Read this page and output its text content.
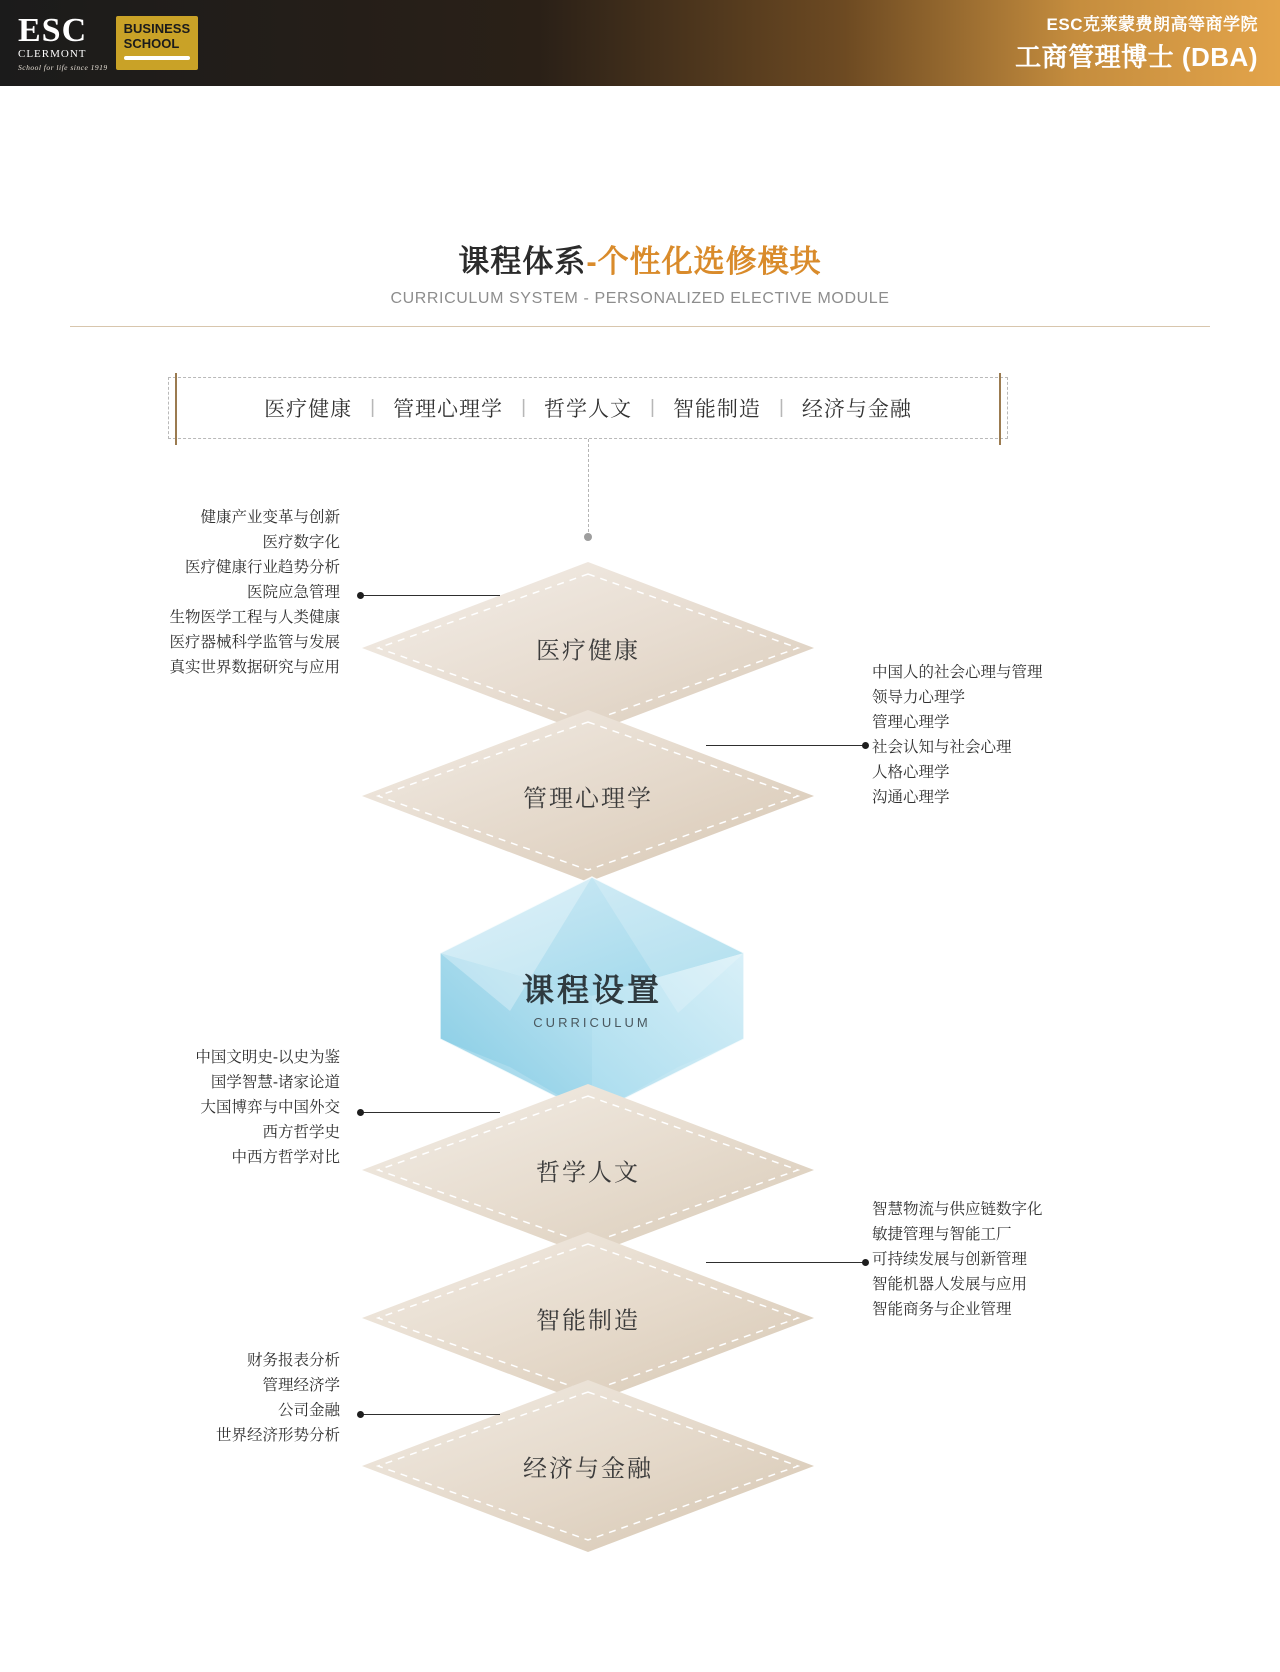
ESC
CLERMONT
School for life since 1919
BUSINESS
SCHOOL
ESC克莱蒙费朗高等商学院
工商管理博士 (DBA)
课程体系-个性化选修模块
CURRICULUM SYSTEM - PERSONALIZED ELECTIVE MODULE
医疗健康 | 管理心理学 | 哲学人文 | 智能制造 | 经济与金融
医疗健康
健康产业变革与创新
医疗数字化
医疗健康行业趋势分析
医院应急管理
生物医学工程与人类健康
医疗器械科学监管与发展
真实世界数据研究与应用
管理心理学
中国人的社会心理与管理
领导力心理学
管理心理学
社会认知与社会心理
人格心理学
沟通心理学
课程设置
CURRICULUM
哲学人文
中国文明史-以史为鉴
国学智慧-诸家论道
大国博弈与中国外交
西方哲学史
中西方哲学对比
智能制造
智慧物流与供应链数字化
敏捷管理与智能工厂
可持续发展与创新管理
智能机器人发展与应用
智能商务与企业管理
经济与金融
财务报表分析
管理经济学
公司金融
世界经济形势分析
